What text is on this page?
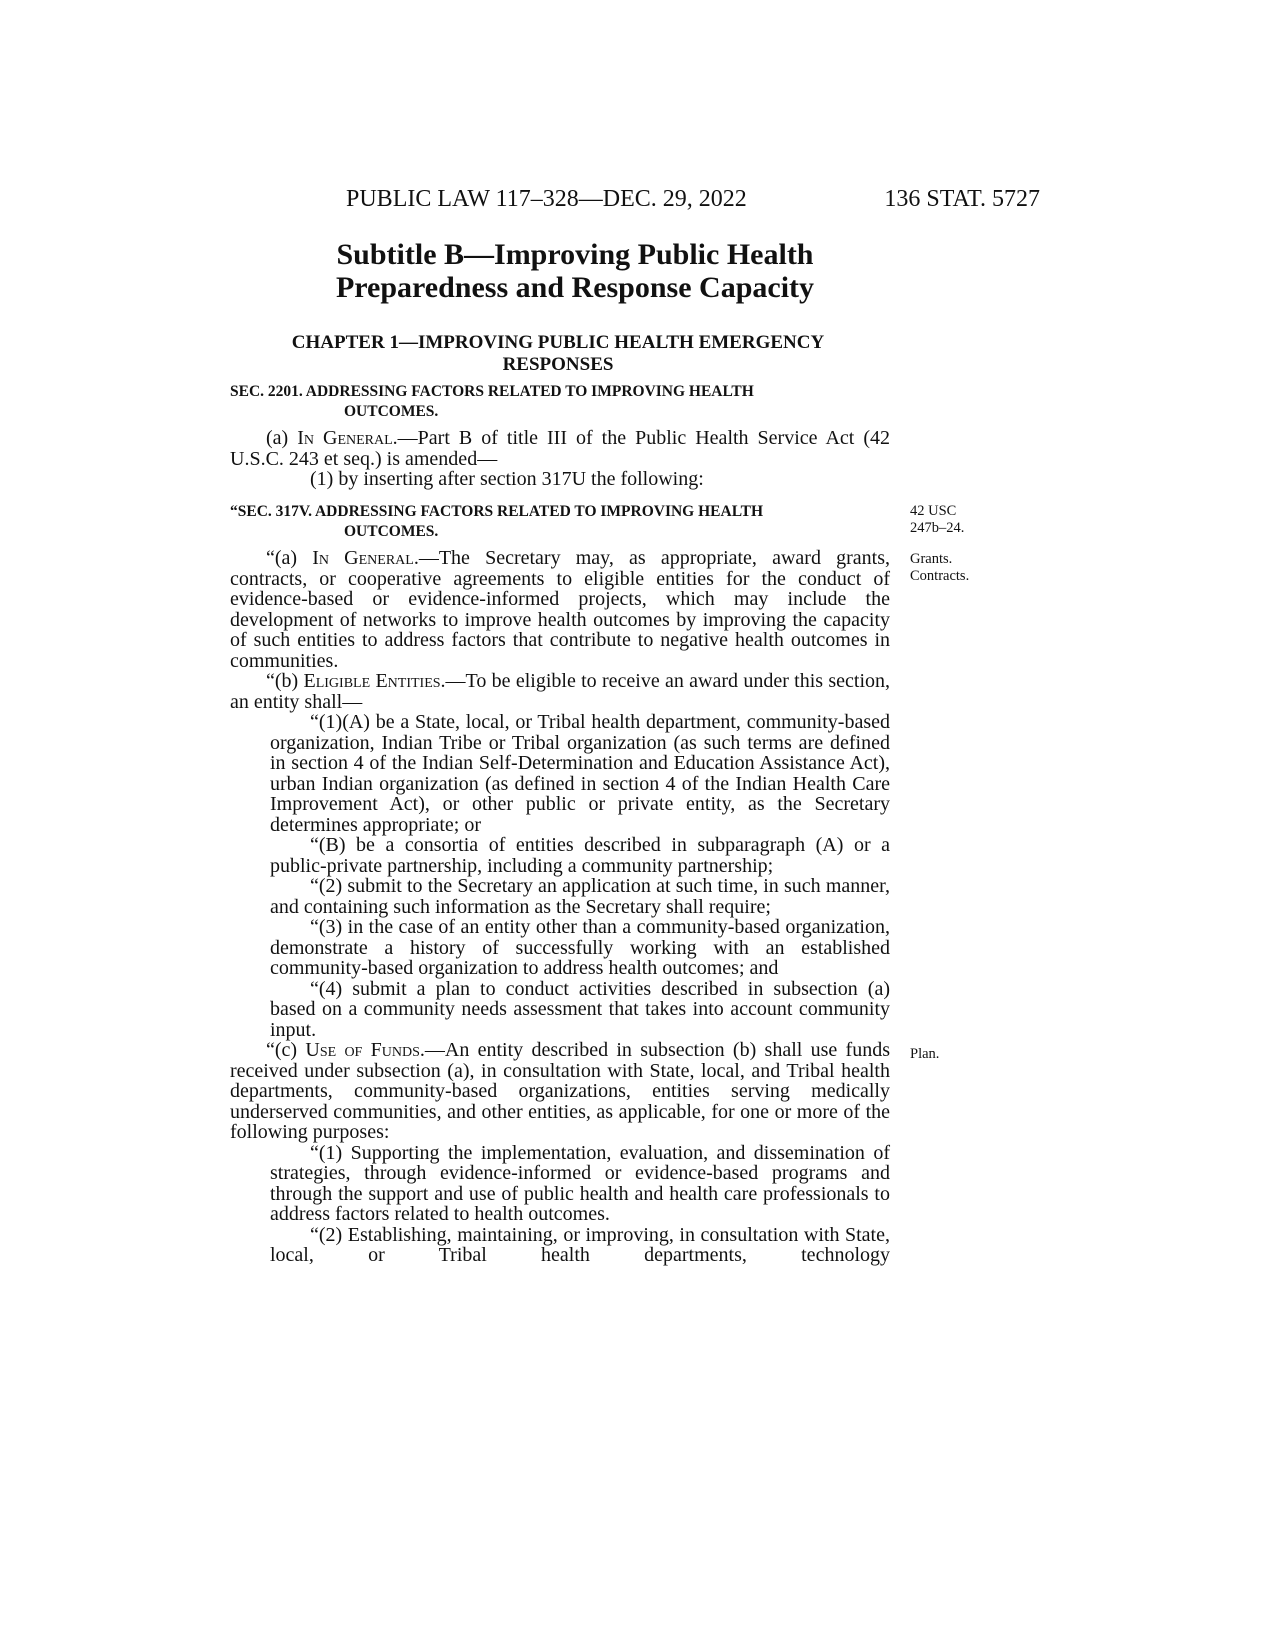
PUBLIC LAW 117–328—DEC. 29, 2022	136 STAT. 5727
Subtitle B—Improving Public Health
Preparedness and Response Capacity
CHAPTER 1—IMPROVING PUBLIC HEALTH EMERGENCY
RESPONSES
SEC. 2201. ADDRESSING FACTORS RELATED TO IMPROVING HEALTH
OUTCOMES.

(a) In General.—Part B of title III of the Public Health Service Act (42 U.S.C. 243 et seq.) is amended—

(1) by inserting after section 317U the following:

“SEC. 317V. ADDRESSING FACTORS RELATED TO IMPROVING HEALTH
OUTCOMES.
42 USC
247b–24.
Grants.
Contracts.
Plan.

“(a) In General.—The Secretary may, as appropriate, award grants, contracts, or cooperative agreements to eligible entities for the conduct of evidence-based or evidence-informed projects, which may include the development of networks to improve health outcomes by improving the capacity of such entities to address factors that contribute to negative health outcomes in communities.

“(b) Eligible Entities.—To be eligible to receive an award under this section, an entity shall—

“(1)(A) be a State, local, or Tribal health department, community-based organization, Indian Tribe or Tribal organization (as such terms are defined in section 4 of the Indian Self-Determination and Education Assistance Act), urban Indian organization (as defined in section 4 of the Indian Health Care Improvement Act), or other public or private entity, as the Secretary determines appropriate; or

“(B) be a consortia of entities described in subparagraph (A) or a public-private partnership, including a community partnership;

“(2) submit to the Secretary an application at such time, in such manner, and containing such information as the Secretary shall require;

“(3) in the case of an entity other than a community-based organization, demonstrate a history of successfully working with an established community-based organization to address health outcomes; and

“(4) submit a plan to conduct activities described in subsection (a) based on a community needs assessment that takes into account community input.

“(c) Use of Funds.—An entity described in subsection (b) shall use funds received under subsection (a), in consultation with State, local, and Tribal health departments, community-based organizations, entities serving medically underserved communities, and other entities, as applicable, for one or more of the following purposes:

“(1) Supporting the implementation, evaluation, and dissemination of strategies, through evidence-informed or evidence-based programs and through the support and use of public health and health care professionals to address factors related to health outcomes.

“(2) Establishing, maintaining, or improving, in consultation with State, local, or Tribal health departments, technology
